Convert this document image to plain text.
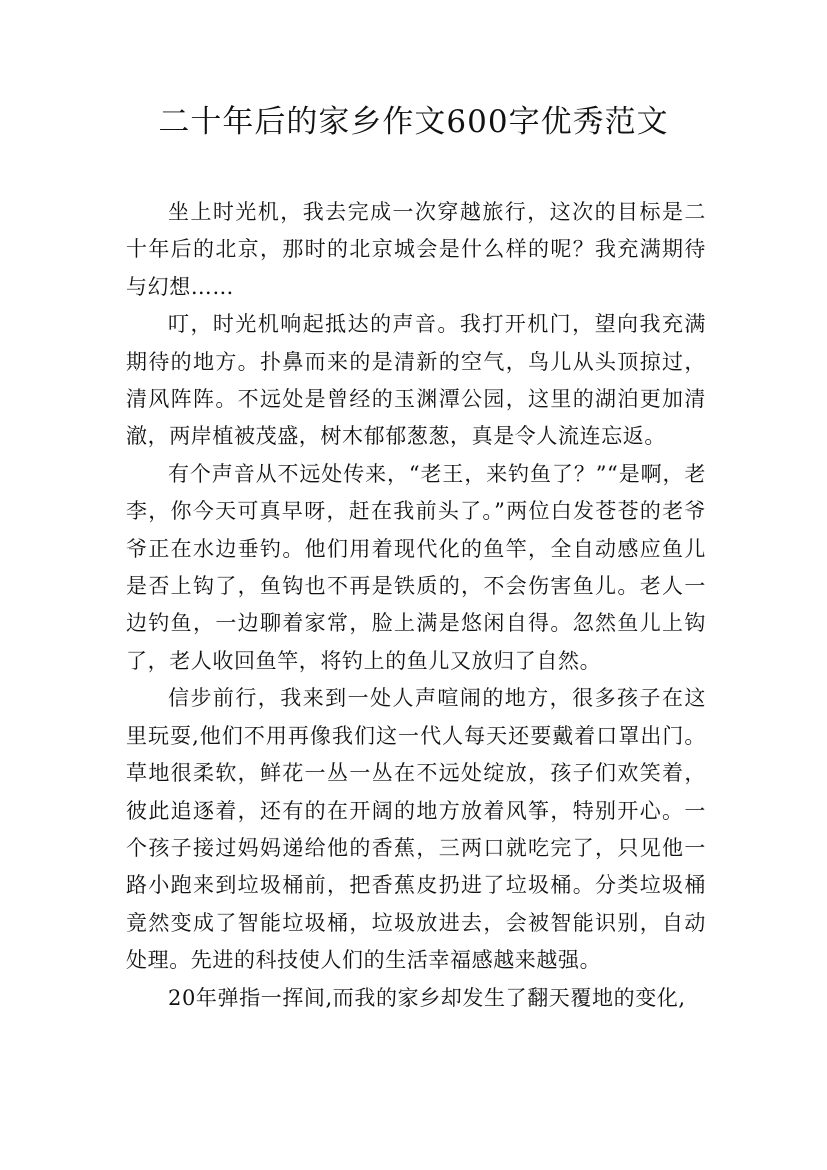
二十年后的家乡作文600字优秀范文

坐上时光机，我去完成一次穿越旅行，这次的目标是二十年后的北京，那时的北京城会是什么样的呢？我充满期待与幻想……

叮，时光机响起抵达的声音。我打开机门，望向我充满期待的地方。扑鼻而来的是清新的空气，鸟儿从头顶掠过，清风阵阵。不远处是曾经的玉渊潭公园，这里的湖泊更加清澈，两岸植被茂盛，树木郁郁葱葱，真是令人流连忘返。

有个声音从不远处传来，“老王，来钓鱼了？”“是啊，老李，你今天可真早呀，赶在我前头了。”两位白发苍苍的老爷爷正在水边垂钓。他们用着现代化的鱼竿，全自动感应鱼儿是否上钩了，鱼钩也不再是铁质的，不会伤害鱼儿。老人一边钓鱼，一边聊着家常，脸上满是悠闲自得。忽然鱼儿上钩了，老人收回鱼竿，将钓上的鱼儿又放归了自然。

信步前行，我来到一处人声喧闹的地方，很多孩子在这里玩耍,他们不用再像我们这一代人每天还要戴着口罩出门。草地很柔软，鲜花一丛一丛在不远处绽放，孩子们欢笑着，彼此追逐着，还有的在开阔的地方放着风筝，特别开心。一个孩子接过妈妈递给他的香蕉，三两口就吃完了，只见他一路小跑来到垃圾桶前，把香蕉皮扔进了垃圾桶。分类垃圾桶竟然变成了智能垃圾桶，垃圾放进去，会被智能识别，自动处理。先进的科技使人们的生活幸福感越来越强。

20年弹指一挥间,而我的家乡却发生了翻天覆地的变化,
